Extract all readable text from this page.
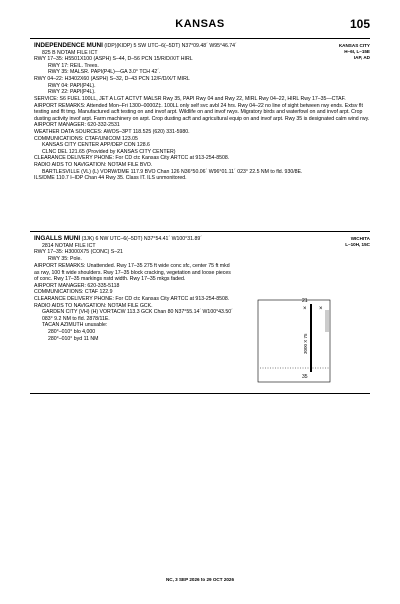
KANSAS	105
KANSAS CITY
H–6I, L–15E
IAP, AD
INDEPENDENCE MUNI (IDP)(KIDP) 5 SW UTC–6(–5DT) N37°09.48´ W95°46.74´
825 B NOTAM FILE ICT
RWY 17–35: H5501X100 (ASPH) S–44, D–56 PCN 15/R/D/X/T HIRL
RWY 17: REIL. Trees.
RWY 35: MALSR. PAPI(P4L)—GA 3.0° TCH 42´.
RWY 04–22: H3402X60 (ASPH) S–32, D–43 PCN 12/F/D/X/T MIRL
RWY 04: PAPI(P4L).
RWY 22: PAPI(P4L).
SERVICE: S6 FUEL 100LL, JET A LGT ACTVT MALSR Rwy 35, PAPI Rwy 04 and Rwy 22, MIRL Rwy 04–22, HIRL Rwy 17–35—CTAF.
AIRPORT REMARKS: Attended Mon–Fri 1300–0000Z‡. 100LL only self svc avbl 24 hrs. Rwy 04–22 no line of sight between rwy ends. Extsv flt testing and flt tmg. Manufactured acft testing on and invof arpt. Wildlife on and invof rwys. Migratory birds and waterfowl on and invof arpt. Crop dusting activity invof arpt. Farm machinery on arpt. Crop dusting acft and agricultural equip on and invof arpt. Rwy 35 is designated calm wind rwy.
AIRPORT MANAGER: 620-332-2531
WEATHER DATA SOURCES: AWOS–3PT 118.525 (620) 331-5980.
COMMUNICATIONS: CTAF/UNICOM 123.05
KANSAS CITY CENTER APP/DEP CON 128.6
CLNC DEL 121.65 (Provided by KANSAS CITY CENTER)
CLEARANCE DELIVERY PHONE: For CD ctc Kansas City ARTCC at 913-254-8508.
RADIO AIDS TO NAVIGATION: NOTAM FILE BVO.
BARTLESVILLE (VL) (L) VORW/DME 117.9 BVO Chan 126 N36°50.06´ W96°01.11´ 023° 22.5 NM to fld. 930/8E.
ILS/DME 110.7 I–IDP Chan 44 Rwy 35. Class IT. ILS unmonitored.
WICHITA
L–10H, 15C
INGALLS MUNI (3JK) 6 NW UTC–6(–5DT) N37°54.41´ W100°31.89´
2814 NOTAM FILE ICT
RWY 17–35: H3000X75 (CONC) S–21
RWY 35: Pole.
AIRPORT REMARKS: Unattended. Rwy 17–35 275 ft wide conc sfc, center 75 ft mkd as rwy, 100 ft wide shoulders. Rwy 17–35 block cracking, vegetation and loose pieces of conc. Rwy 17–35 markings nstd width. Rwy 17–35 mkgs faded.
AIRPORT MANAGER: 620-335-5118
COMMUNICATIONS: CTAF 122.9
CLEARANCE DELIVERY PHONE: For CD ctc Kansas City ARTCC at 913-254-8508.
RADIO AIDS TO NAVIGATION: NOTAM FILE GCK.
GARDEN CITY (VH) (H) VORTACW 113.3 GCK Chan 80 N37°55.14´ W100°43.50´ 083° 9.2 NM to fld. 2878/11E.
TACAN AZIMUTH unusable:
280°–010° blo 4,000
280°–010° byd 11 NM
21
35
3000 X 75
×
×
NC, 3 SEP 2026 to 29 OCT 2026
